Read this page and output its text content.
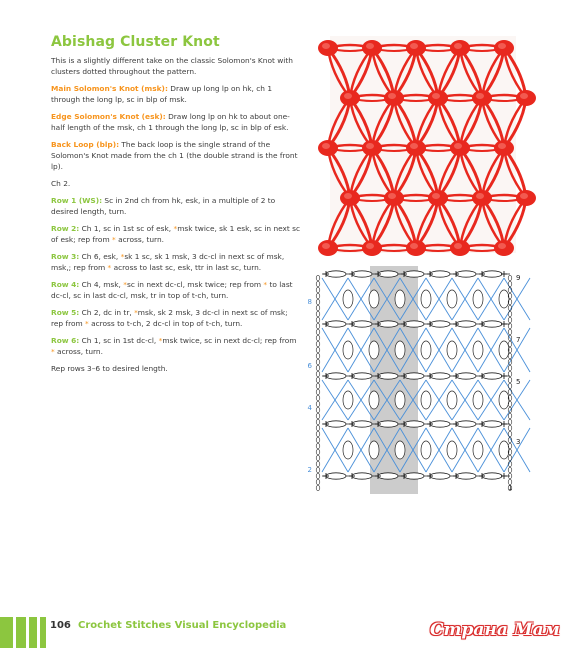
Abishag Cluster Knot

This is a slightly different take on the classic Solomon's Knot with clusters dotted throughout the pattern.

Main Solomon's Knot (msk): Draw up long lp on hk, ch 1 through the long lp, sc in blp of msk.

Edge Solomon's Knot (esk): Draw long lp on hk to about one-half length of the msk, ch 1 through the long lp, sc in blp of esk.

Back Loop (blp): The back loop is the single strand of the Solomon's Knot made from the ch 1 (the double strand is the front lp).

Ch 2.

Row 1 (WS): Sc in 2nd ch from hk, esk, in a multiple of 2 to desired length, turn.

Row 2: Ch 1, sc in 1st sc of esk, *msk twice, sk 1 esk, sc in next sc of esk; rep from * across, turn.

Row 3: Ch 6, esk, *sk 1 sc, sk 1 msk, 3 dc-cl in next sc of msk, msk,; rep from * across to last sc, esk, ttr in last sc, turn.

Row 4: Ch 4, msk, *sc in next dc-cl, msk twice; rep from * to last dc-cl, sc in last dc-cl, msk, tr in top of t-ch, turn.

Row 5: Ch 2, dc in tr, *msk, sk 2 msk, 3 dc-cl in next sc of msk; rep from * across to t-ch, 2 dc-cl in top of t-ch, turn.

Row 6: Ch 1, sc in 1st dc-cl, *msk twice, sc in next dc-cl; rep from * across, turn.

Rep rows 3–6 to desired length.

8
6
4
2
9
7
5
3
1
106 Crochet Stitches Visual Encyclopedia	Страна Мам
